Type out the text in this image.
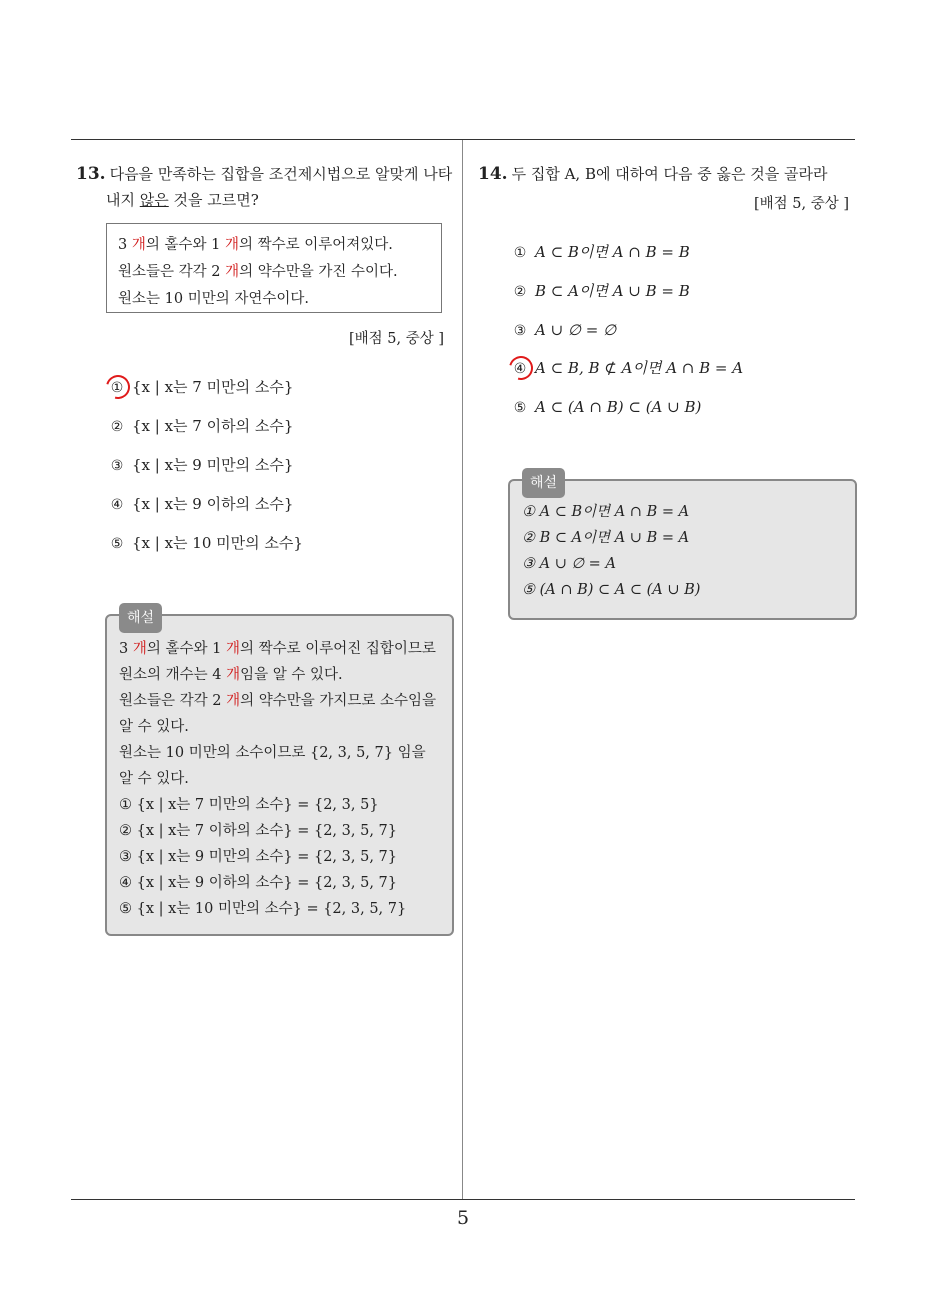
5
13. 다음을 만족하는 집합을 조건제시법으로 알맞게 나타
내지 않은 것을 고르면?
3 개의 홀수와 1 개의 짝수로 이루어져있다.
원소들은 각각 2 개의 약수만을 가진 수이다.
원소는 10 미만의 자연수이다.
[배점 5, 중상 ]
① {x | x는 7 미만의 소수}
② {x | x는 7 이하의 소수}
③ {x | x는 9 미만의 소수}
④ {x | x는 9 이하의 소수}
⑤ {x | x는 10 미만의 소수}
해설
3 개의 홀수와 1 개의 짝수로 이루어진 집합이므로
원소의 개수는 4 개임을 알 수 있다.
원소들은 각각 2 개의 약수만을 가지므로 소수임을
알 수 있다.
원소는 10 미만의 소수이므로 {2, 3, 5, 7} 임을
알 수 있다.
① {x | x는 7 미만의 소수} = {2, 3, 5}
② {x | x는 7 이하의 소수} = {2, 3, 5, 7}
③ {x | x는 9 미만의 소수} = {2, 3, 5, 7}
④ {x | x는 9 이하의 소수} = {2, 3, 5, 7}
⑤ {x | x는 10 미만의 소수} = {2, 3, 5, 7}
14. 두 집합 A, B에 대하여 다음 중 옳은 것을 골라라
[배점 5, 중상 ]
① A ⊂ B이면 A ∩ B = B
② B ⊂ A이면 A ∪ B = B
③ A ∪ ∅ = ∅
④ A ⊂ B, B ⊄ A이면 A ∩ B = A
⑤ A ⊂ (A ∩ B) ⊂ (A ∪ B)
해설
① A ⊂ B이면 A ∩ B = A
② B ⊂ A이면 A ∪ B = A
③ A ∪ ∅ = A
⑤ (A ∩ B) ⊂ A ⊂ (A ∪ B)
